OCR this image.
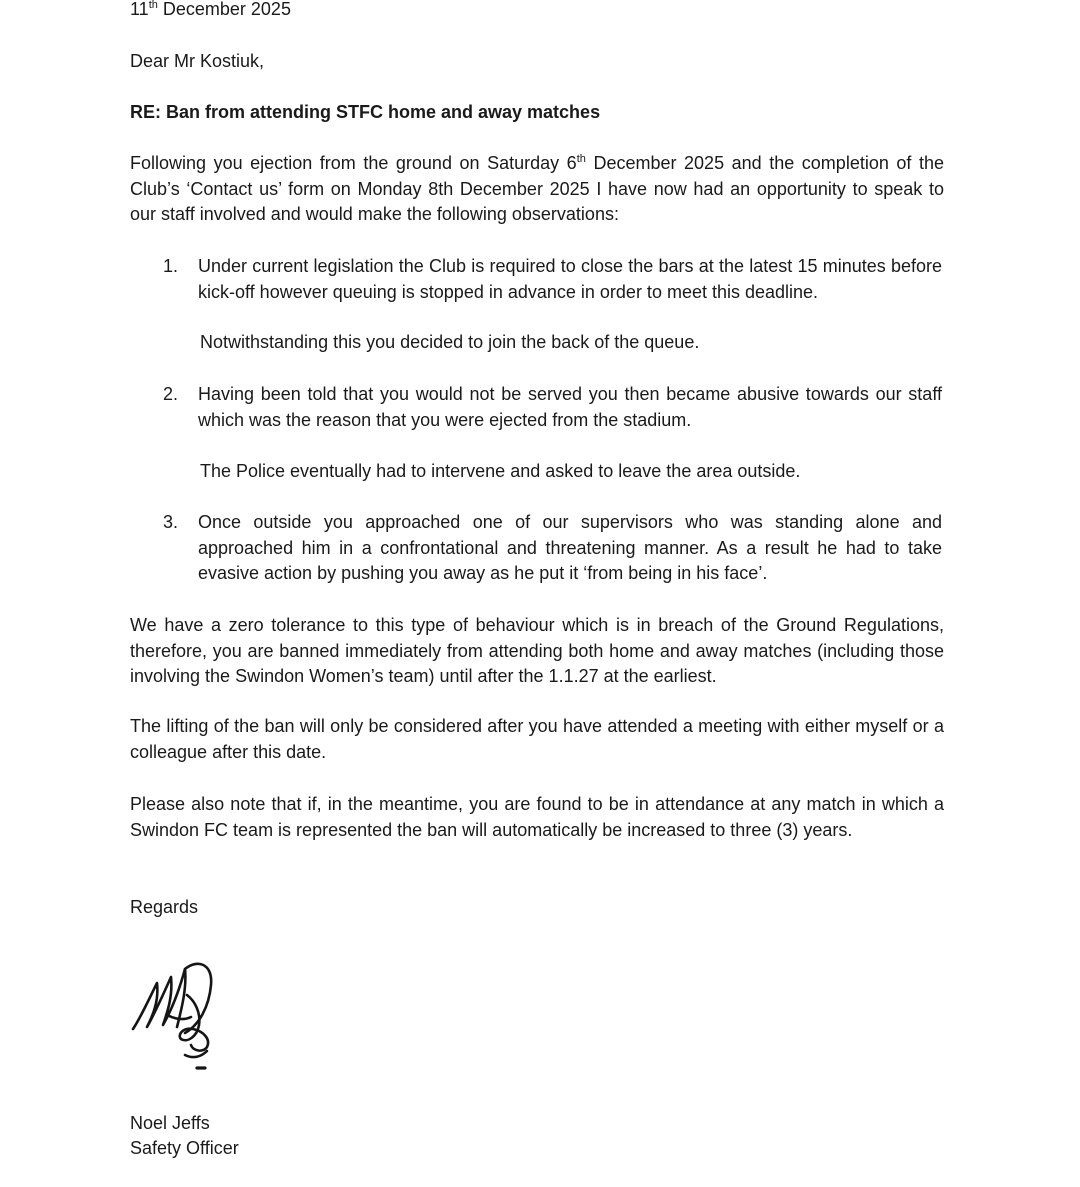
11th December 2025
Dear Mr Kostiuk,
RE: Ban from attending STFC home and away matches
Following you ejection from the ground on Saturday 6th December 2025 and the completion of the Club’s ‘Contact us’ form on Monday 8th December 2025 I have now had an opportunity to speak to our staff involved and would make the following observations:
1. Under current legislation the Club is required to close the bars at the latest 15 minutes before kick-off however queuing is stopped in advance in order to meet this deadline.
Notwithstanding this you decided to join the back of the queue.
2. Having been told that you would not be served you then became abusive towards our staff which was the reason that you were ejected from the stadium.
The Police eventually had to intervene and asked to leave the area outside.
3. Once outside you approached one of our supervisors who was standing alone and approached him in a confrontational and threatening manner. As a result he had to take evasive action by pushing you away as he put it ‘from being in his face’.
We have a zero tolerance to this type of behaviour which is in breach of the Ground Regulations, therefore, you are banned immediately from attending both home and away matches (including those involving the Swindon Women’s team) until after the 1.1.27 at the earliest.
The lifting of the ban will only be considered after you have attended a meeting with either myself or a colleague after this date.
Please also note that if, in the meantime, you are found to be in attendance at any match in which a Swindon FC team is represented the ban will automatically be increased to three (3) years.
Regards
Noel Jeffs
Safety Officer
